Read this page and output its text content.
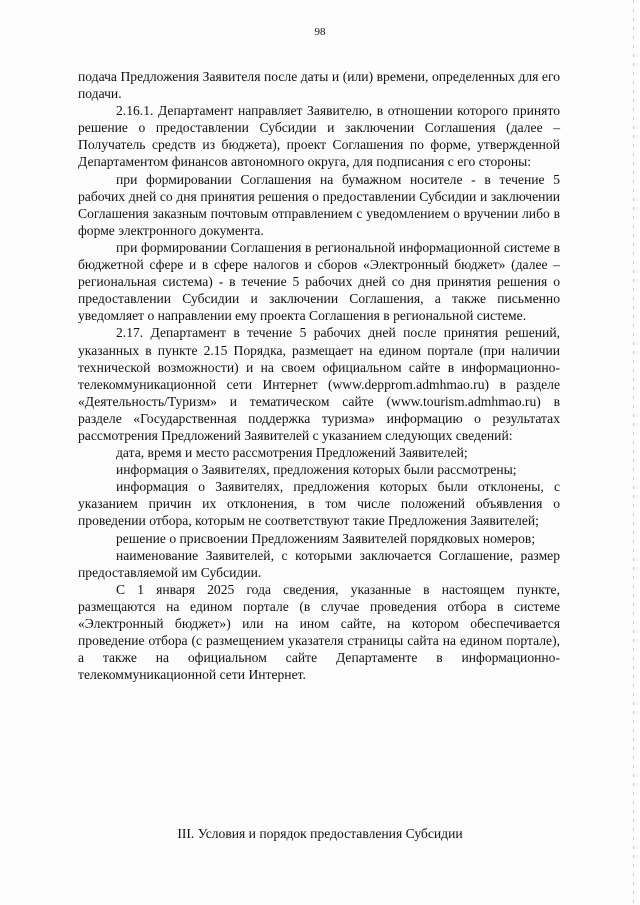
98

подача Предложения Заявителя после даты и (или) времени, определенных для его подачи.

2.16.1. Департамент направляет Заявителю, в отношении которого принято решение о предоставлении Субсидии и заключении Соглашения (далее – Получатель средств из бюджета), проект Соглашения по форме, утвержденной Департаментом финансов автономного округа, для подписания с его стороны:

при формировании Соглашения на бумажном носителе - в течение 5 рабочих дней со дня принятия решения о предоставлении Субсидии и заключении Соглашения заказным почтовым отправлением с уведомлением о вручении либо в форме электронного документа.

при формировании Соглашения в региональной информационной системе в бюджетной сфере и в сфере налогов и сборов «Электронный бюджет» (далее – региональная система) - в течение 5 рабочих дней со дня принятия решения о предоставлении Субсидии и заключении Соглашения, а также письменно уведомляет о направлении ему проекта Соглашения в региональной системе.

2.17. Департамент в течение 5 рабочих дней после принятия решений, указанных в пункте 2.15 Порядка, размещает на едином портале (при наличии технической возможности) и на своем официальном сайте в информационно-телекоммуникационной сети Интернет (www.depprom.admhmao.ru) в разделе «Деятельность/Туризм» и тематическом сайте (www.tourism.admhmao.ru) в разделе «Государственная поддержка туризма» информацию о результатах рассмотрения Предложений Заявителей с указанием следующих сведений:

дата, время и место рассмотрения Предложений Заявителей;

информация о Заявителях, предложения которых были рассмотрены;

информация о Заявителях, предложения которых были отклонены, с указанием причин их отклонения, в том числе положений объявления о проведении отбора, которым не соответствуют такие Предложения Заявителей;

решение о присвоении Предложениям Заявителей порядковых номеров;

наименование Заявителей, с которыми заключается Соглашение, размер предоставляемой им Субсидии.

С 1 января 2025 года сведения, указанные в настоящем пункте, размещаются на едином портале (в случае проведения отбора в системе «Электронный бюджет») или на ином сайте, на котором обеспечивается проведение отбора (с размещением указателя страницы сайта на едином портале), а также на официальном сайте Департаменте в информационно-телекоммуникационной сети Интернет.

III. Условия и порядок предоставления Субсидии
